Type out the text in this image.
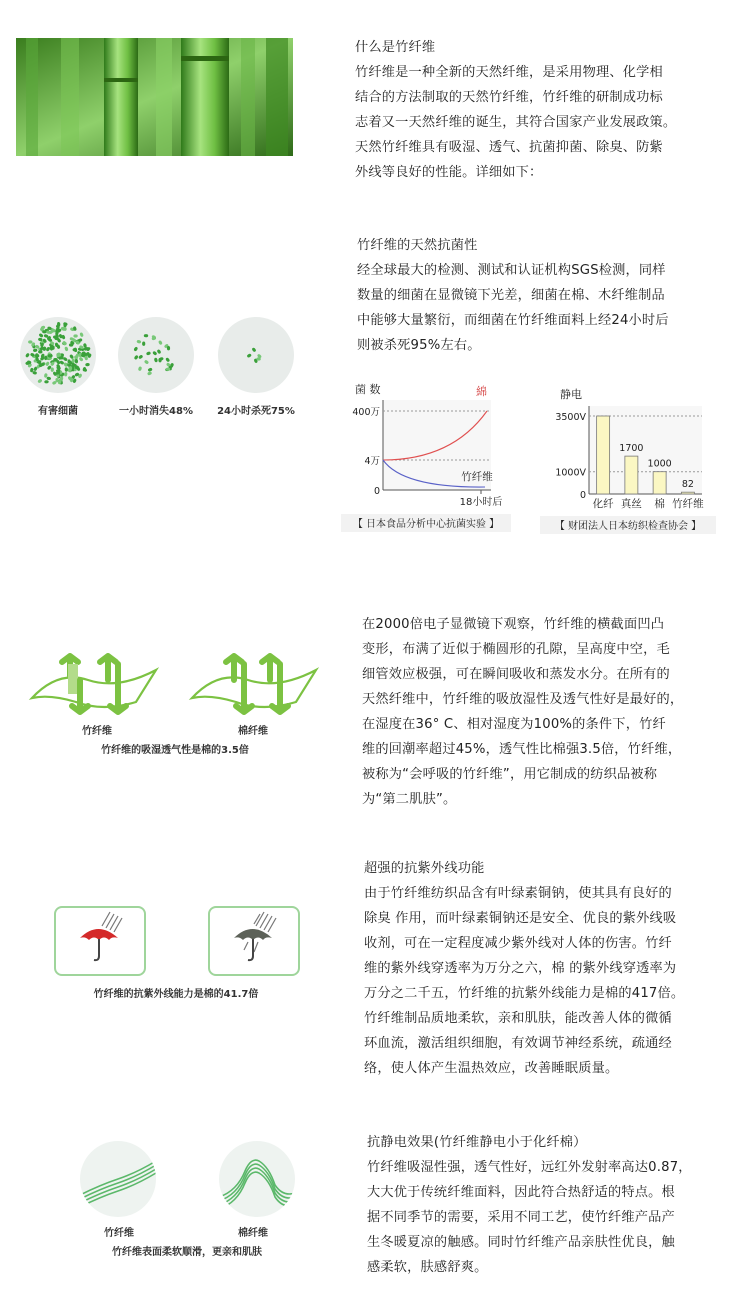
什么是竹纤维
竹纤维是一种全新的天然纤维，是采用物理、化学相
结合的方法制取的天然竹纤维，竹纤维的研制成功标
志着又一天然纤维的诞生，其符合国家产业发展政策。
天然竹纤维具有吸湿、透气、抗菌抑菌、除臭、防紫
外线等良好的性能。详细如下：
竹纤维的天然抗菌性
经全球最大的检测、测试和认证机构SGS检测，同样
数量的细菌在显微镜下光差，细菌在棉、木纤维制品
中能够大量繁衍，而细菌在竹纤维面料上经24小时后
则被杀死95%左右。
有害细菌	一小时消失48%	24小时杀死75%
菌 数
400万
4万
0
18小时后
綿
竹纤维
【 日本食品分析中心抗菌实验 】
静电
3500V
1000V
0
化纤
1700
真丝
1000
棉
82
竹纤维
【 财团法人日本纺织检查协会 】
在2000倍电子显微镜下观察，竹纤维的横截面凹凸
变形，布满了近似于椭圆形的孔隙，呈高度中空，毛
细管效应极强，可在瞬间吸收和蒸发水分。在所有的
天然纤维中，竹纤维的吸放湿性及透气性好是最好的，
在湿度在36° C、相对湿度为100%的条件下，竹纤
维的回潮率超过45%，透气性比棉强3.5倍，竹纤维，
被称为“会呼吸的竹纤维”，用它制成的纺织品被称
为“第二肌肤”。
竹纤维	棉纤维
竹纤维的吸湿透气性是棉的3.5倍
超强的抗紫外线功能
由于竹纤维纺织品含有叶绿素铜钠，使其具有良好的
除臭 作用，而叶绿素铜钠还是安全、优良的紫外线吸
收剂，可在一定程度减少紫外线对人体的伤害。竹纤
维的紫外线穿透率为万分之六，棉 的紫外线穿透率为
万分之二千五，竹纤维的抗紫外线能力是棉的417倍。
竹纤维制品质地柔软，亲和肌肤，能改善人体的微循
环血流，激活组织细胞，有效调节神经系统，疏通经
络，使人体产生温热效应，改善睡眠质量。
竹纤维的抗紫外线能力是棉的41.7倍
抗静电效果(竹纤维静电小于化纤棉）
竹纤维吸湿性强，透气性好，远红外发射率高达0.87，
大大优于传统纤维面料，因此符合热舒适的特点。根
据不同季节的需要，采用不同工艺，使竹纤维产品产
生冬暖夏凉的触感。同时竹纤维产品亲肤性优良，触
感柔软，肤感舒爽。
竹纤维	棉纤维
竹纤维表面柔软顺滑，更亲和肌肤
